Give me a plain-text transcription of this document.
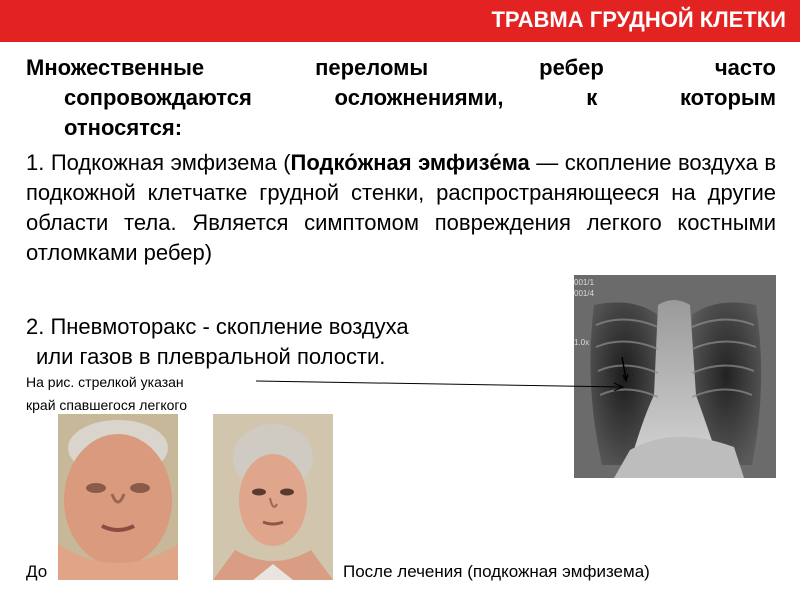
ТРАВМА ГРУДНОЙ КЛЕТКИ
Множественные переломы ребер часто
сопровождаются осложнениями, к которым
относятся:
1. Подкожная эмфизема (Подко́жная эмфизе́ма — скопление воздуха в подкожной клетчатке грудной стенки, распространяющееся на другие области тела. Является симптомом повреждения легкого костными отломками ребер)
2. Пневмоторакс - скопление воздуха
или газов в плевральной полости.
На рис. стрелкой указан
край спавшегося легкого
001/1
001/4
1.0x
До	После лечения (подкожная эмфизема)
